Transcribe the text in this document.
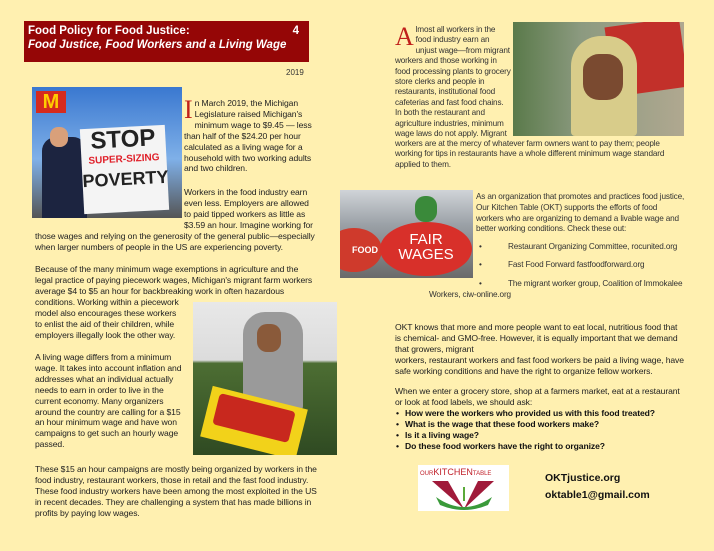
Food Policy for Food Justice:	4
Food Justice, Food Workers and a Living Wage
2019
M
STOP
SUPER-SIZING
POVERTY
In March 2019, the Michigan Legislature raised Michigan's minimum wage to $9.45 — less than half of the $24.20 per hour calculated as a living wage for a household with two working adults and two children.
Workers in the food industry earn even less. Employers are allowed to paid tipped workers as little as $3.59 an hour. Imagine working for
those wages and relying on the generosity of the general public—especially when larger numbers of people in the US are experiencing poverty.
Because of the many minimum wage exemptions in agriculture and the legal practice of paying piecework wages, Michigan's migrant farm workers average $4 to $5 an hour for backbreaking work in often hazardous
conditions. Working within a piecework model also encourages these workers to enlist the aid of their children, while employers illegally look the other way.
A living wage differs from a minimum wage. It takes into account inflation and addresses what an individual actually needs to earn in order to live in the current economy. Many organizers around the country are calling for a $15 an hour minimum wage and have won campaigns to get such an hourly wage passed.
These $15 an hour campaigns are mostly being organized by workers in the food industry, restaurant workers, those in retail and the fast food industry. These food industry workers have been among the most exploited in the US in recent decades. They are challenging a system that has made billions in profits by paying low wages.
Almost all workers in the food industry earn an unjust wage—from migrant workers and those working in food processing plants to grocery store clerks and people in restaurants, institutional food cafeterias and fast food chains. In both the restaurant and agriculture industries, minimum wage laws do not apply. Migrant
workers are at the mercy of whatever farm owners want to pay them; people working for tips in restaurants have a whole different minimum wage standard applied to them.
FOOD
FAIR
WAGES
As an organization that promotes and practices food justice, Our Kitchen Table (OKT) supports the efforts of food workers who are organizing to demand a livable wage and better working conditions. Check these out:
• Restaurant Organizing Committee, rocunited.org
• Fast Food Forward fastfoodforward.org
• The migrant worker group, Coalition of Immokalee
Workers, ciw-online.org
OKT knows that more and more people want to eat local, nutritious food that is chemical- and GMO-free. However, it is equally important that we demand that growers, migrant
workers, restaurant workers and fast food workers be paid a living wage, have safe working conditions and have the right to organize fellow workers.
When we enter a grocery store, shop at a farmers market, eat at a restaurant or look at food labels, we should ask:
• How were the workers who provided us with this food treated?
• What is the wage that these food workers make?
• Is it a living wage?
• Do these food workers have the right to organize?
OURKITCHENTABLE	OKTjustice.org
oktable1@gmail.com
